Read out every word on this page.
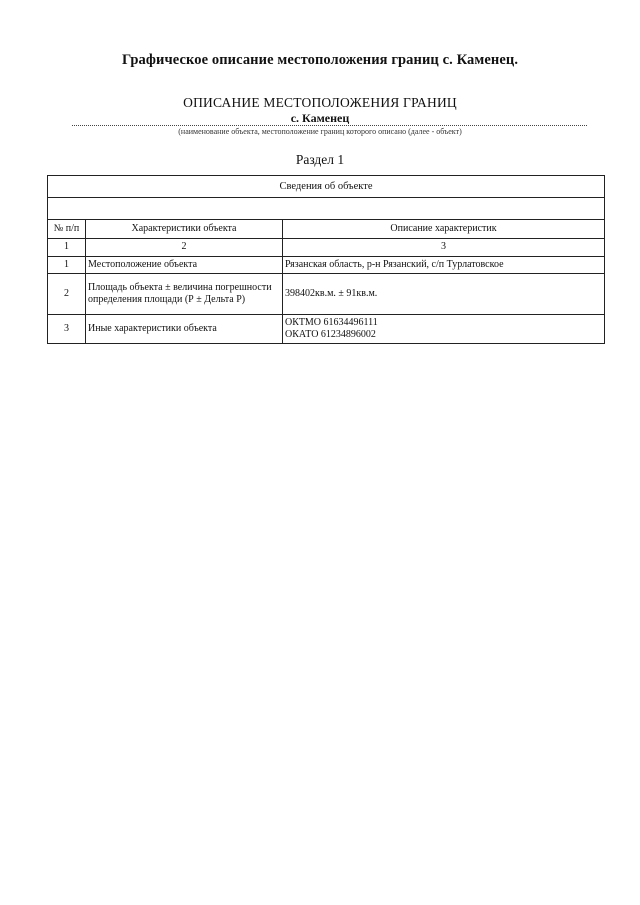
Графическое описание местоположения границ с. Каменец.
ОПИСАНИЕ МЕСТОПОЛОЖЕНИЯ ГРАНИЦ
с. Каменец
(наименование объекта, местоположение границ которого описано (далее - объект)
Раздел 1
Сведения об объекте		

№ п/п	Характеристики объекта	Описание характеристик
1	2	3
1	Местоположение объекта	Рязанская область, р-н Рязанский, с/п Турлатовское
2	Площадь объекта ± величина погрешности определения площади (Р ± Дельта Р)	398402кв.м. ± 91кв.м.
3	Иные характеристики объекта	ОКТМО 61634496111
ОКАТО 61234896002
